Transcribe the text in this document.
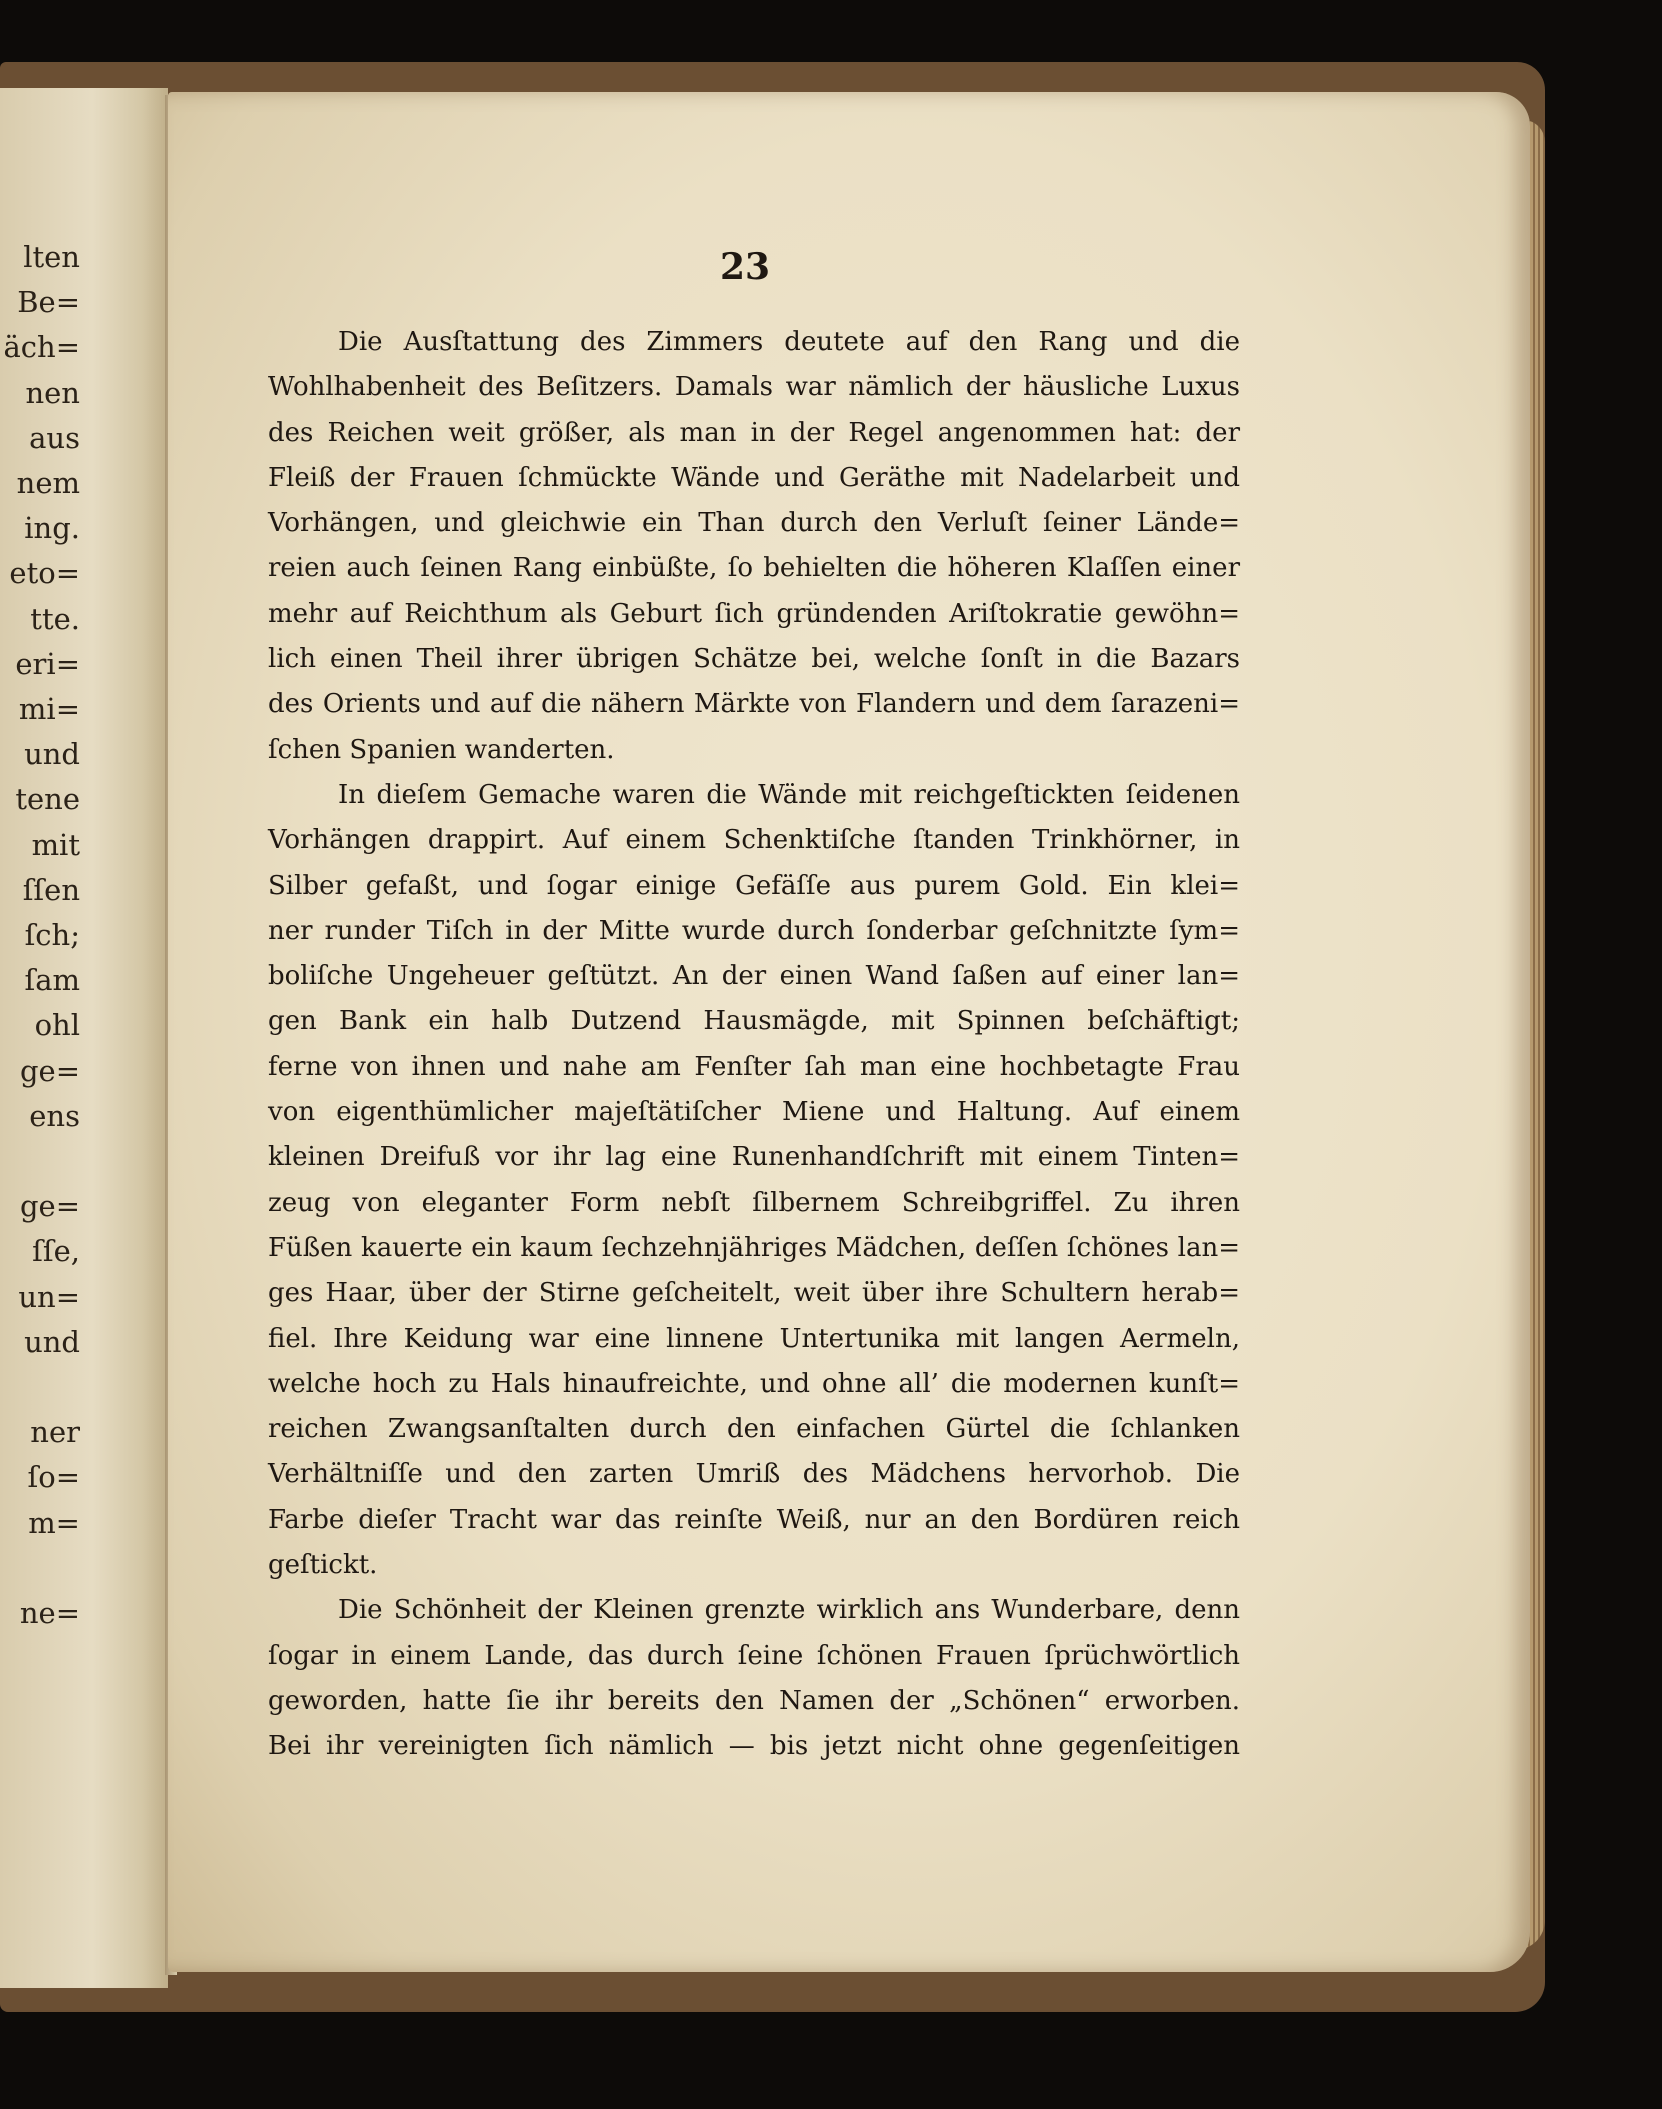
lten
Be=
äch=
nen
aus
nem
ing.
eto=
tte.
eri=
mi=
und
tene
mit
ſſen
ſch;
ſam
ohl
ge=
ens
ge=
ſſe,
un=
und
ner
ſo=
m=
ne=
23
Die Ausſtattung des Zimmers deutete auf den Rang und die
Wohlhabenheit des Beſitzers. Damals war nämlich der häusliche Luxus
des Reichen weit größer, als man in der Regel angenommen hat: der
Fleiß der Frauen ſchmückte Wände und Geräthe mit Nadelarbeit und
Vorhängen, und gleichwie ein Than durch den Verluſt ſeiner Lände=
reien auch ſeinen Rang einbüßte, ſo behielten die höheren Klaſſen einer
mehr auf Reichthum als Geburt ſich gründenden Ariſtokratie gewöhn=
lich einen Theil ihrer übrigen Schätze bei, welche ſonſt in die Bazars
des Orients und auf die nähern Märkte von Flandern und dem ſarazeni=
ſchen Spanien wanderten.
In dieſem Gemache waren die Wände mit reichgeſtickten ſeidenen
Vorhängen drappirt. Auf einem Schenktiſche ſtanden Trinkhörner, in
Silber gefaßt, und ſogar einige Gefäſſe aus purem Gold. Ein klei=
ner runder Tiſch in der Mitte wurde durch ſonderbar geſchnitzte ſym=
boliſche Ungeheuer geſtützt. An der einen Wand ſaßen auf einer lan=
gen Bank ein halb Dutzend Hausmägde, mit Spinnen beſchäftigt;
ferne von ihnen und nahe am Fenſter ſah man eine hochbetagte Frau
von eigenthümlicher majeſtätiſcher Miene und Haltung. Auf einem
kleinen Dreifuß vor ihr lag eine Runenhandſchrift mit einem Tinten=
zeug von eleganter Form nebſt ſilbernem Schreibgriffel. Zu ihren
Füßen kauerte ein kaum ſechzehnjähriges Mädchen, deſſen ſchönes lan=
ges Haar, über der Stirne geſcheitelt, weit über ihre Schultern herab=
fiel. Ihre Keidung war eine linnene Untertunika mit langen Aermeln,
welche hoch zu Hals hinaufreichte, und ohne all’ die modernen kunſt=
reichen Zwangsanſtalten durch den einfachen Gürtel die ſchlanken
Verhältniſſe und den zarten Umriß des Mädchens hervorhob. Die
Farbe dieſer Tracht war das reinſte Weiß, nur an den Bordüren reich
geſtickt.
Die Schönheit der Kleinen grenzte wirklich ans Wunderbare, denn
ſogar in einem Lande, das durch ſeine ſchönen Frauen ſprüchwörtlich
geworden, hatte ſie ihr bereits den Namen der „Schönen“ erworben.
Bei ihr vereinigten ſich nämlich — bis jetzt nicht ohne gegenſeitigen
